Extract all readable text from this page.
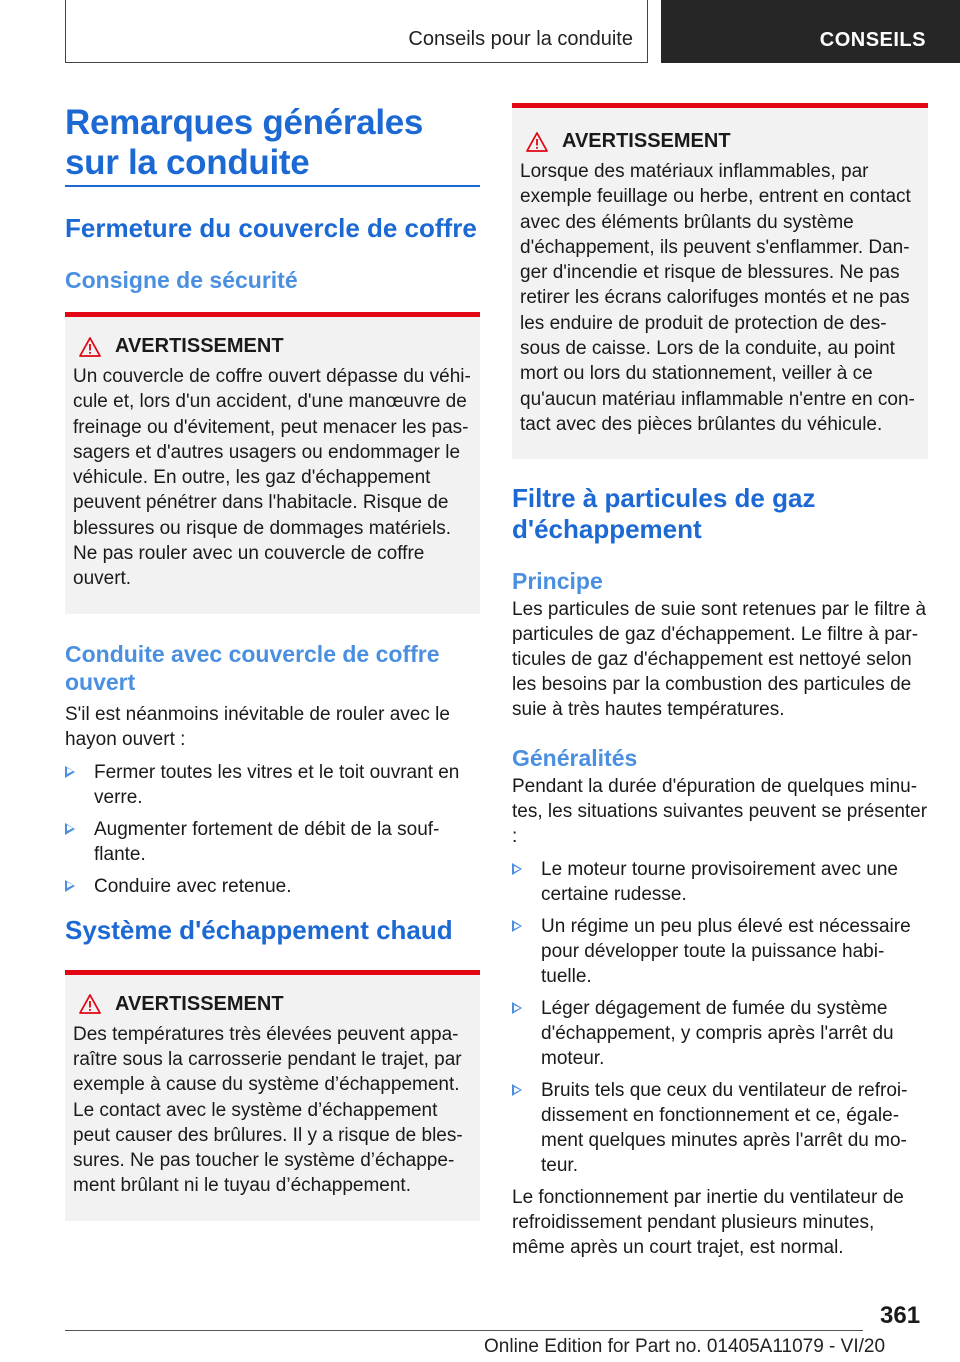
Conseils pour la conduite	CONSEILS
Remarques générales sur la conduite
Fermeture du couvercle de coffre
Consigne de sécurité
AVERTISSEMENT
Un couvercle de coffre ouvert dépasse du véhicule et, lors d'un accident, d'une manœuvre de freinage ou d'évitement, peut menacer les passagers et d'autres usagers ou endommager le véhicule. En outre, les gaz d'échappement peuvent pénétrer dans l'habitacle. Risque de blessures ou risque de dommages matériels. Ne pas rouler avec un couvercle de coffre ouvert.
Conduite avec couvercle de coffre ouvert

S'il est néanmoins inévitable de rouler avec le hayon ouvert :

Fermer toutes les vitres et le toit ouvrant en verre.
Augmenter fortement de débit de la soufflante.
Conduire avec retenue.
Système d'échappement chaud
AVERTISSEMENT
Des températures très élevées peuvent apparaître sous la carrosserie pendant le trajet, par exemple à cause du système d’échappement. Le contact avec le système d’échappement peut causer des brûlures. Il y a risque de blessures. Ne pas toucher le système d’échappement brûlant ni le tuyau d’échappement.
AVERTISSEMENT
Lorsque des matériaux inflammables, par exemple feuillage ou herbe, entrent en contact avec des éléments brûlants du système d'échappement, ils peuvent s'enflammer. Danger d'incendie et risque de blessures. Ne pas retirer les écrans calorifuges montés et ne pas les enduire de produit de protection de dessous de caisse. Lors de la conduite, au point mort ou lors du stationnement, veiller à ce qu'aucun matériau inflammable n'entre en contact avec des pièces brûlantes du véhicule.
Filtre à particules de gaz d'échappement
Principe

Les particules de suie sont retenues par le filtre à particules de gaz d'échappement. Le filtre à particules de gaz d'échappement est nettoyé selon les besoins par la combustion des particules de suie à très hautes températures.

Généralités

Pendant la durée d'épuration de quelques minutes, les situations suivantes peuvent se présenter :

Le moteur tourne provisoirement avec une certaine rudesse.
Un régime un peu plus élevé est nécessaire pour développer toute la puissance habituelle.
Léger dégagement de fumée du système d'échappement, y compris après l'arrêt du moteur.
Bruits tels que ceux du ventilateur de refroidissement en fonctionnement et ce, également quelques minutes après l'arrêt du moteur.

Le fonctionnement par inertie du ventilateur de refroidissement pendant plusieurs minutes, même après un court trajet, est normal.

361
Online Edition for Part no. 01405A11079 - VI/20
